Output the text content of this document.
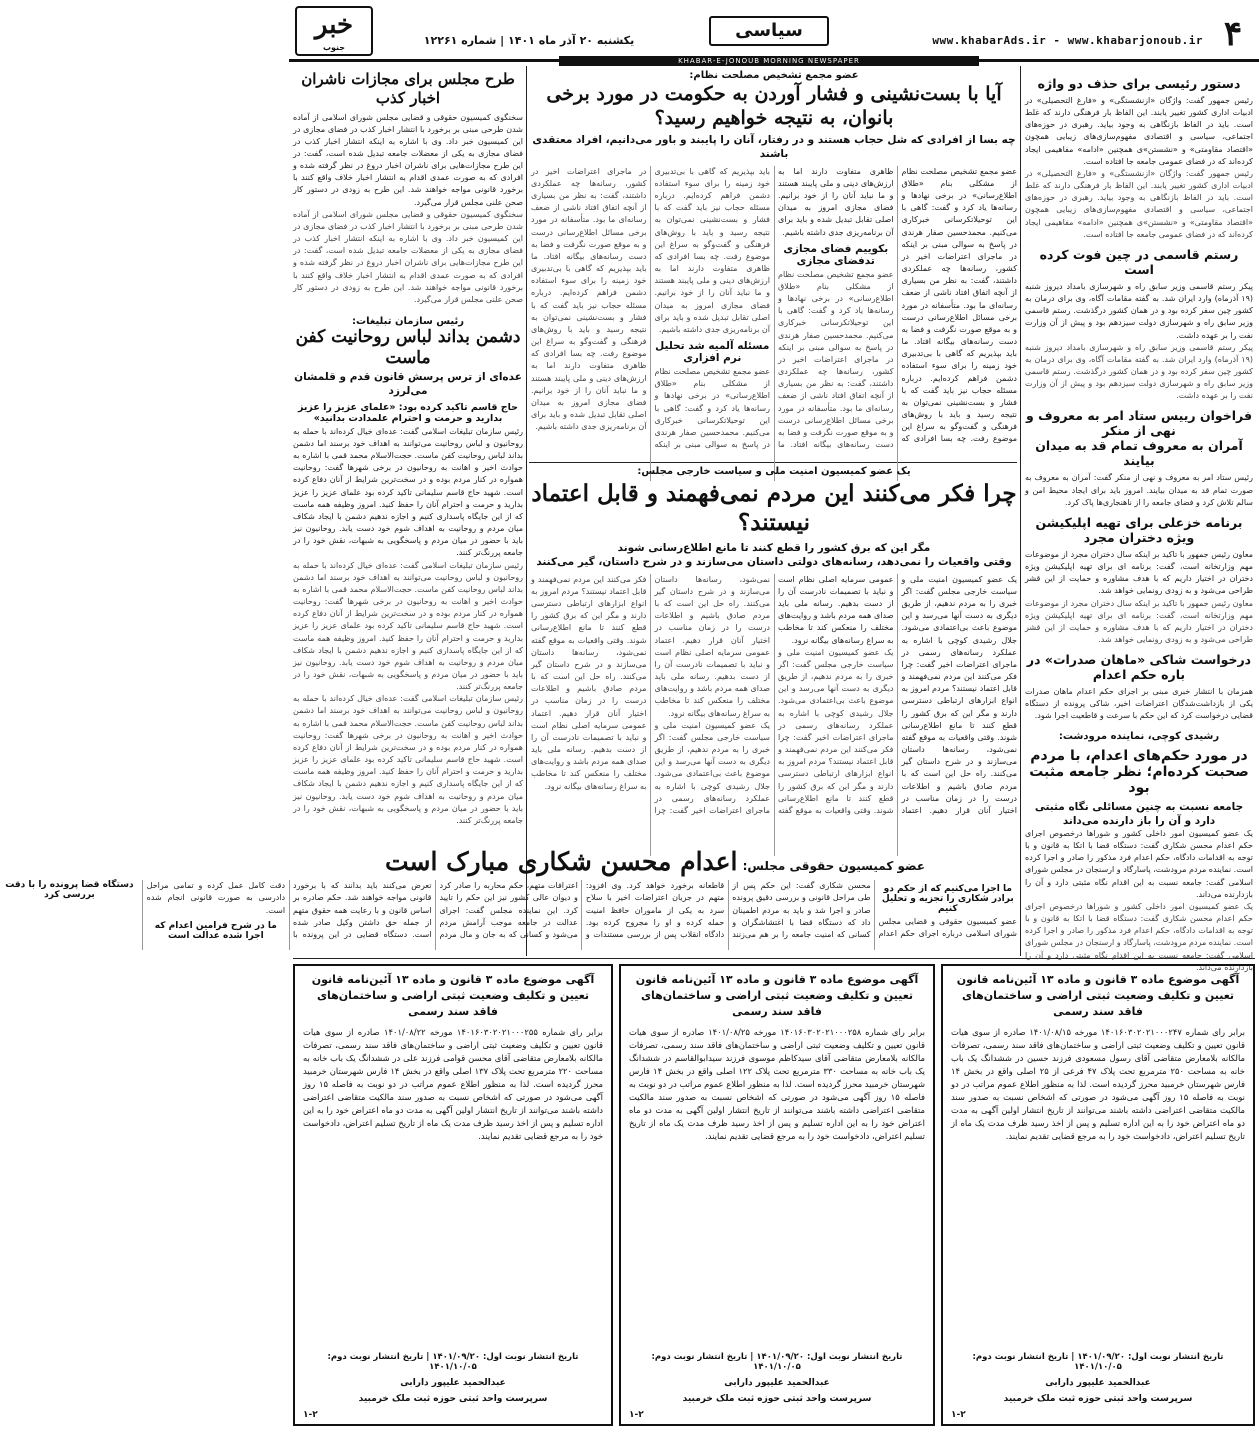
۴
www.khabarAds.ir - www.khabarjonoub.ir
سیاسی
یکشنبه ۲۰ آذر ماه ۱۴۰۱ | شماره ۱۲۲۶۱
خبر
جنوب
KHABAR-E-JONOUB MORNING NEWSPAPER
دستور رئیسی برای حذف دو واژه
رئیس جمهور گفت: واژگان «ازنشستگی» و «فارغ التحصیلی» در ادبیات اداری کشور تغییر یابند. این الفاظ بار فرهنگی دارند که غلط است. باید در الفاظ بازنگاهی به وجود بیاید. رهبری در حوزه‌های اجتماعی، سیاسی و اقتصادی مفهوم‌سازی‌های زیبایی همچون «اقتصاد مقاومتی» و «نشستن»ی همچنین «ادامه» مفاهیمی ایجاد کرده‌اند که در فضای عمومی جامعه جا افتاده است.
رئیس جمهور گفت: واژگان «ازنشستگی» و «فارغ التحصیلی» در ادبیات اداری کشور تغییر یابند. این الفاظ بار فرهنگی دارند که غلط است. باید در الفاظ بازنگاهی به وجود بیاید. رهبری در حوزه‌های اجتماعی، سیاسی و اقتصادی مفهوم‌سازی‌های زیبایی همچون «اقتصاد مقاومتی» و «نشستن»ی همچنین «ادامه» مفاهیمی ایجاد کرده‌اند که در فضای عمومی جامعه جا افتاده است.
رستم قاسمی در چین فوت کرده است
پیکر رستم قاسمی وزیر سابق راه و شهرسازی بامداد دیروز شنبه (۱۹ آذرماه) وارد ایران شد. به گفته مقامات آگاه، وی برای درمان به کشور چین سفر کرده بود و در همان کشور درگذشت. رستم قاسمی وزیر سابق راه و شهرسازی دولت سیزدهم بود و پیش از آن وزارت نفت را بر عهده داشت.
پیکر رستم قاسمی وزیر سابق راه و شهرسازی بامداد دیروز شنبه (۱۹ آذرماه) وارد ایران شد. به گفته مقامات آگاه، وی برای درمان به کشور چین سفر کرده بود و در همان کشور درگذشت. رستم قاسمی وزیر سابق راه و شهرسازی دولت سیزدهم بود و پیش از آن وزارت نفت را بر عهده داشت.
فراخوان رییس ستاد امر به معروف و نهی از منکر
آمران به معروف تمام قد به میدان بیایند
رئیس ستاد امر به معروف و نهی از منکر گفت: آمران به معروف به صورت تمام قد به میدان بیایند. امروز باید برای ایجاد محیط امن و سالم تلاش کرد و فضای جامعه را از ناهنجاری‌ها پاک کرد.
برنامه خزعلی برای تهیه اپلیکیشن ویژه دختران مجرد
معاون رئیس جمهور با تاکید بر اینکه سال دختران مجرد از موضوعات مهم وزارتخانه است، گفت: برنامه ای برای تهیه اپلیکیشن ویژه دختران در اختیار داریم که با هدف مشاوره و حمایت از این قشر طراحی می‌شود و به زودی رونمایی خواهد شد.
معاون رئیس جمهور با تاکید بر اینکه سال دختران مجرد از موضوعات مهم وزارتخانه است، گفت: برنامه ای برای تهیه اپلیکیشن ویژه دختران در اختیار داریم که با هدف مشاوره و حمایت از این قشر طراحی می‌شود و به زودی رونمایی خواهد شد.
درخواست شاکی «ماهان صدرات» در باره حکم اعدام
همزمان با انتشار خبری مبنی بر اجرای حکم اعدام ماهان صدرات یکی از بازداشت‌شدگان اعتراضات اخیر، شاکی پرونده از دستگاه قضایی درخواست کرد که این حکم با سرعت و قاطعیت اجرا شود.
رشیدی کوچی، نماینده مرودشت:
در مورد حکم‌های اعدام، با مردم صحبت کرده‌ام؛ نظر جامعه مثبت بود
جامعه نسبت به چنین مسائلی نگاه مثبتی دارد و آن را باز دارنده می‌داند
یک عضو کمیسیون امور داخلی کشور و شوراها درخصوص اجرای حکم اعدام محسن شکاری گفت: دستگاه قضا با اتکا به قانون و با توجه به اقدامات دادگاه، حکم اعدام فرد مذکور را صادر و اجرا کرده است. نماینده مردم مرودشت، پاسارگاد و ارسنجان در مجلس شورای اسلامی گفت: جامعه نسبت به این اقدام نگاه مثبتی دارد و آن را بازدارنده می‌داند.
یک عضو کمیسیون امور داخلی کشور و شوراها درخصوص اجرای حکم اعدام محسن شکاری گفت: دستگاه قضا با اتکا به قانون و با توجه به اقدامات دادگاه، حکم اعدام فرد مذکور را صادر و اجرا کرده است. نماینده مردم مرودشت، پاسارگاد و ارسنجان در مجلس شورای اسلامی گفت: جامعه نسبت به این اقدام نگاه مثبتی دارد و آن را بازدارنده می‌داند.
عضو مجمع تشخیص مصلحت نظام:
آیا با بست‌نشینی و فشار آوردن به حکومت در مورد برخی بانوان، به نتیجه خواهیم رسید؟
چه بسا از افرادی که شل حجاب هستند و در رفتار، آنان را پایبند و باور می‌دانیم، افراد معتقدی باشند
عضو مجمع تشخیص مصلحت نظام از مشکلی بنام «طلاق اطلاع‌رسانی» در برخی نهادها و رسانه‌ها یاد کرد و گفت: گاهی با این توحیلاتکرسانی خبرکاری می‌کنیم. محمدحسین صفار هرندی در پاسخ به سوالی مبنی بر اینکه در ماجرای اعتراضات اخیر در کشور، رسانه‌ها چه عملکردی داشتند، گفت: به نظر من بسیاری از آنچه اتفاق افتاد ناشی از ضعف رسانه‌ای ما بود. متأسفانه در مورد برخی مسائل اطلاع‌رسانی درست و به موقع صورت نگرفت و فضا به دست رسانه‌های بیگانه افتاد. ما باید بپذیریم که گاهی با بی‌تدبیری خود زمینه را برای سوء استفاده دشمن فراهم کرده‌ایم. درباره مسئله حجاب نیز باید گفت که با فشار و بست‌نشینی نمی‌توان به نتیجه رسید و باید با روش‌های فرهنگی و گفت‌وگو به سراغ این موضوع رفت. چه بسا افرادی که ظاهری متفاوت دارند اما به ارزش‌های دینی و ملی پایبند هستند و ما نباید آنان را از خود برانیم. فضای مجازی امروز به میدان اصلی تقابل تبدیل شده و باید برای آن برنامه‌ریزی جدی داشته باشیم.
بکوییم فضای مجازی تدفضای مجازی
عضو مجمع تشخیص مصلحت نظام از مشکلی بنام «طلاق اطلاع‌رسانی» در برخی نهادها و رسانه‌ها یاد کرد و گفت: گاهی با این توحیلاتکرسانی خبرکاری می‌کنیم. محمدحسین صفار هرندی در پاسخ به سوالی مبنی بر اینکه در ماجرای اعتراضات اخیر در کشور، رسانه‌ها چه عملکردی داشتند، گفت: به نظر من بسیاری از آنچه اتفاق افتاد ناشی از ضعف رسانه‌ای ما بود. متأسفانه در مورد برخی مسائل اطلاع‌رسانی درست و به موقع صورت نگرفت و فضا به دست رسانه‌های بیگانه افتاد. ما باید بپذیریم که گاهی با بی‌تدبیری خود زمینه را برای سوء استفاده دشمن فراهم کرده‌ایم. درباره مسئله حجاب نیز باید گفت که با فشار و بست‌نشینی نمی‌توان به نتیجه رسید و باید با روش‌های فرهنگی و گفت‌وگو به سراغ این موضوع رفت. چه بسا افرادی که ظاهری متفاوت دارند اما به ارزش‌های دینی و ملی پایبند هستند و ما نباید آنان را از خود برانیم. فضای مجازی امروز به میدان اصلی تقابل تبدیل شده و باید برای آن برنامه‌ریزی جدی داشته باشیم.
مسئله آلمیه شد تحلیل نرم افزاری
عضو مجمع تشخیص مصلحت نظام از مشکلی بنام «طلاق اطلاع‌رسانی» در برخی نهادها و رسانه‌ها یاد کرد و گفت: گاهی با این توحیلاتکرسانی خبرکاری می‌کنیم. محمدحسین صفار هرندی در پاسخ به سوالی مبنی بر اینکه در ماجرای اعتراضات اخیر در کشور، رسانه‌ها چه عملکردی داشتند، گفت: به نظر من بسیاری از آنچه اتفاق افتاد ناشی از ضعف رسانه‌ای ما بود. متأسفانه در مورد برخی مسائل اطلاع‌رسانی درست و به موقع صورت نگرفت و فضا به دست رسانه‌های بیگانه افتاد. ما باید بپذیریم که گاهی با بی‌تدبیری خود زمینه را برای سوء استفاده دشمن فراهم کرده‌ایم. درباره مسئله حجاب نیز باید گفت که با فشار و بست‌نشینی نمی‌توان به نتیجه رسید و باید با روش‌های فرهنگی و گفت‌وگو به سراغ این موضوع رفت. چه بسا افرادی که ظاهری متفاوت دارند اما به ارزش‌های دینی و ملی پایبند هستند و ما نباید آنان را از خود برانیم. فضای مجازی امروز به میدان اصلی تقابل تبدیل شده و باید برای آن برنامه‌ریزی جدی داشته باشیم.
یک عضو کمیسیون امنیت ملی و سیاست خارجی مجلس:
چرا فکر می‌کنند این مردم نمی‌فهمند و قابل اعتماد نیستند؟
مگر این که برق کشور را قطع کنند تا مانع اطلاع‌رسانی شوند
وقتی واقعیات را نمی‌دهد، رسانه‌های دولتی داستان می‌سازند و در شرح داستان، گیر می‌کنند
یک عضو کمیسیون امنیت ملی و سیاست خارجی مجلس گفت: اگر خبری را به مردم ندهیم، از طریق دیگری به دست آنها می‌رسد و این موضوع باعث بی‌اعتمادی می‌شود. جلال رشیدی کوچی با اشاره به عملکرد رسانه‌های رسمی در ماجرای اعتراضات اخیر گفت: چرا فکر می‌کنند این مردم نمی‌فهمند و قابل اعتماد نیستند؟ مردم امروز به انواع ابزارهای ارتباطی دسترسی دارند و مگر این که برق کشور را قطع کنند تا مانع اطلاع‌رسانی شوند. وقتی واقعیات به موقع گفته نمی‌شود، رسانه‌ها داستان می‌سازند و در شرح داستان گیر می‌کنند. راه حل این است که با مردم صادق باشیم و اطلاعات درست را در زمان مناسب در اختیار آنان قرار دهیم. اعتماد عمومی سرمایه اصلی نظام است و نباید با تصمیمات نادرست آن را از دست بدهیم. رسانه ملی باید صدای همه مردم باشد و روایت‌های مختلف را منعکس کند تا مخاطب به سراغ رسانه‌های بیگانه نرود.
یک عضو کمیسیون امنیت ملی و سیاست خارجی مجلس گفت: اگر خبری را به مردم ندهیم، از طریق دیگری به دست آنها می‌رسد و این موضوع باعث بی‌اعتمادی می‌شود. جلال رشیدی کوچی با اشاره به عملکرد رسانه‌های رسمی در ماجرای اعتراضات اخیر گفت: چرا فکر می‌کنند این مردم نمی‌فهمند و قابل اعتماد نیستند؟ مردم امروز به انواع ابزارهای ارتباطی دسترسی دارند و مگر این که برق کشور را قطع کنند تا مانع اطلاع‌رسانی شوند. وقتی واقعیات به موقع گفته نمی‌شود، رسانه‌ها داستان می‌سازند و در شرح داستان گیر می‌کنند. راه حل این است که با مردم صادق باشیم و اطلاعات درست را در زمان مناسب در اختیار آنان قرار دهیم. اعتماد عمومی سرمایه اصلی نظام است و نباید با تصمیمات نادرست آن را از دست بدهیم. رسانه ملی باید صدای همه مردم باشد و روایت‌های مختلف را منعکس کند تا مخاطب به سراغ رسانه‌های بیگانه نرود.
یک عضو کمیسیون امنیت ملی و سیاست خارجی مجلس گفت: اگر خبری را به مردم ندهیم، از طریق دیگری به دست آنها می‌رسد و این موضوع باعث بی‌اعتمادی می‌شود. جلال رشیدی کوچی با اشاره به عملکرد رسانه‌های رسمی در ماجرای اعتراضات اخیر گفت: چرا فکر می‌کنند این مردم نمی‌فهمند و قابل اعتماد نیستند؟ مردم امروز به انواع ابزارهای ارتباطی دسترسی دارند و مگر این که برق کشور را قطع کنند تا مانع اطلاع‌رسانی شوند. وقتی واقعیات به موقع گفته نمی‌شود، رسانه‌ها داستان می‌سازند و در شرح داستان گیر می‌کنند. راه حل این است که با مردم صادق باشیم و اطلاعات درست را در زمان مناسب در اختیار آنان قرار دهیم. اعتماد عمومی سرمایه اصلی نظام است و نباید با تصمیمات نادرست آن را از دست بدهیم. رسانه ملی باید صدای همه مردم باشد و روایت‌های مختلف را منعکس کند تا مخاطب به سراغ رسانه‌های بیگانه نرود.
طرح مجلس برای مجازات ناشران اخبار کذب
سخنگوی کمیسیون حقوقی و قضایی مجلس شورای اسلامی از آماده شدن طرحی مبنی بر برخورد با انتشار اخبار کذب در فضای مجازی در این کمیسیون خبر داد. وی با اشاره به اینکه انتشار اخبار کذب در فضای مجازی به یکی از معضلات جامعه تبدیل شده است، گفت: در این طرح مجازات‌هایی برای ناشران اخبار دروغ در نظر گرفته شده و افرادی که به صورت عمدی اقدام به انتشار اخبار خلاف واقع کنند با برخورد قانونی مواجه خواهند شد. این طرح به زودی در دستور کار صحن علنی مجلس قرار می‌گیرد.
سخنگوی کمیسیون حقوقی و قضایی مجلس شورای اسلامی از آماده شدن طرحی مبنی بر برخورد با انتشار اخبار کذب در فضای مجازی در این کمیسیون خبر داد. وی با اشاره به اینکه انتشار اخبار کذب در فضای مجازی به یکی از معضلات جامعه تبدیل شده است، گفت: در این طرح مجازات‌هایی برای ناشران اخبار دروغ در نظر گرفته شده و افرادی که به صورت عمدی اقدام به انتشار اخبار خلاف واقع کنند با برخورد قانونی مواجه خواهند شد. این طرح به زودی در دستور کار صحن علنی مجلس قرار می‌گیرد.
رئیس سازمان تبلیغات:
دشمن بداند لباس روحانیت کفن ماست
عده‌ای از ترس پرسش قانون قدم و قلمشان می‌لرزد
حاج قاسم تاکید کرده بود: «علمای عزیز را عزیز بدارید و حرمت و احترام علمدادت بدانید»
رئیس سازمان تبلیغات اسلامی گفت: عده‌ای خیال کرده‌اند با حمله به روحانیون و لباس روحانیت می‌توانند به اهداف خود برسند اما دشمن بداند لباس روحانیت کفن ماست. حجت‌الاسلام محمد قمی با اشاره به حوادث اخیر و اهانت به روحانیون در برخی شهرها گفت: روحانیت همواره در کنار مردم بوده و در سخت‌ترین شرایط از آنان دفاع کرده است. شهید حاج قاسم سلیمانی تاکید کرده بود علمای عزیز را عزیز بدارید و حرمت و احترام آنان را حفظ کنید. امروز وظیفه همه ماست که از این جایگاه پاسداری کنیم و اجازه ندهیم دشمن با ایجاد شکاف میان مردم و روحانیت به اهداف شوم خود دست یابد. روحانیون نیز باید با حضور در میان مردم و پاسخگویی به شبهات، نقش خود را در جامعه پررنگ‌تر کنند.
رئیس سازمان تبلیغات اسلامی گفت: عده‌ای خیال کرده‌اند با حمله به روحانیون و لباس روحانیت می‌توانند به اهداف خود برسند اما دشمن بداند لباس روحانیت کفن ماست. حجت‌الاسلام محمد قمی با اشاره به حوادث اخیر و اهانت به روحانیون در برخی شهرها گفت: روحانیت همواره در کنار مردم بوده و در سخت‌ترین شرایط از آنان دفاع کرده است. شهید حاج قاسم سلیمانی تاکید کرده بود علمای عزیز را عزیز بدارید و حرمت و احترام آنان را حفظ کنید. امروز وظیفه همه ماست که از این جایگاه پاسداری کنیم و اجازه ندهیم دشمن با ایجاد شکاف میان مردم و روحانیت به اهداف شوم خود دست یابد. روحانیون نیز باید با حضور در میان مردم و پاسخگویی به شبهات، نقش خود را در جامعه پررنگ‌تر کنند.
رئیس سازمان تبلیغات اسلامی گفت: عده‌ای خیال کرده‌اند با حمله به روحانیون و لباس روحانیت می‌توانند به اهداف خود برسند اما دشمن بداند لباس روحانیت کفن ماست. حجت‌الاسلام محمد قمی با اشاره به حوادث اخیر و اهانت به روحانیون در برخی شهرها گفت: روحانیت همواره در کنار مردم بوده و در سخت‌ترین شرایط از آنان دفاع کرده است. شهید حاج قاسم سلیمانی تاکید کرده بود علمای عزیز را عزیز بدارید و حرمت و احترام آنان را حفظ کنید. امروز وظیفه همه ماست که از این جایگاه پاسداری کنیم و اجازه ندهیم دشمن با ایجاد شکاف میان مردم و روحانیت به اهداف شوم خود دست یابد. روحانیون نیز باید با حضور در میان مردم و پاسخگویی به شبهات، نقش خود را در جامعه پررنگ‌تر کنند.
عضو کمیسیون حقوقی مجلس: اعدام محسن شکاری مبارک است
ما اجرا می‌کنیم که از حکم دو برادر شکاری را تجزیه و تحلیل کنیم
عضو کمیسیون حقوقی و قضایی مجلس شورای اسلامی درباره اجرای حکم اعدام محسن شکاری گفت: این حکم پس از طی مراحل قانونی و بررسی دقیق پرونده صادر و اجرا شد و باید به مردم اطمینان داد که دستگاه قضا با اغتشاشگران و کسانی که امنیت جامعه را بر هم می‌زنند قاطعانه برخورد خواهد کرد. وی افزود: متهم در جریان اعتراضات اخیر با سلاح سرد به یکی از ماموران حافظ امنیت حمله کرده و او را مجروح کرده بود. دادگاه انقلاب پس از بررسی مستندات و اعترافات متهم، حکم محاربه را صادر کرد و دیوان عالی کشور نیز این حکم را تایید کرد. این نماینده مجلس گفت: اجرای عدالت در جامعه موجب آرامش مردم می‌شود و کسانی که به جان و مال مردم تعرض می‌کنند باید بدانند که با برخورد قانونی مواجه خواهند شد. حکم صادره بر اساس قانون و با رعایت همه حقوق متهم از جمله حق داشتن وکیل صادر شده است. دستگاه قضایی در این پرونده با دقت کامل عمل کرده و تمامی مراحل دادرسی به صورت قانونی انجام شده است.
ما در شرح فرامین اعدام که اجرا شده عدالت است
دستگاه قضا پرونده را با دقت بررسی کرد
آگهی موضوع ماده ۳ قانون و ماده ۱۳ آئین‌نامه قانون تعیین و تکلیف وضعیت ثبتی اراضی و ساختمان‌های فاقد سند رسمی
برابر رای شماره ۱۴۰۱۶۰۳۰۲۰۲۱۰۰۰۲۴۷ مورخه ۱۴۰۱/۰۸/۱۵ صادره از سوی هیات قانون تعیین و تکلیف وضعیت ثبتی اراضی و ساختمان‌های فاقد سند رسمی، تصرفات مالکانه بلامعارض متقاضی آقای رسول مسعودی فرزند حسین در ششدانگ یک باب خانه به مساحت ۲۵۰ مترمربع تحت پلاک ۴۷ فرعی از ۲۵ اصلی واقع در بخش ۱۴ فارس شهرستان خرمبید محرز گردیده است. لذا به منظور اطلاع عموم مراتب در دو نوبت به فاصله ۱۵ روز آگهی می‌شود در صورتی که اشخاص نسبت به صدور سند مالکیت متقاضی اعتراضی داشته باشند می‌توانند از تاریخ انتشار اولین آگهی به مدت دو ماه اعتراض خود را به این اداره تسلیم و پس از اخذ رسید ظرف مدت یک ماه از تاریخ تسلیم اعتراض، دادخواست خود را به مرجع قضایی تقدیم نمایند.
تاریخ انتشار نوبت اول: ۱۴۰۱/۰۹/۲۰ | تاریخ انتشار نوبت دوم: ۱۴۰۱/۱۰/۰۵
عبدالحمید علیپور دارابی
سرپرست واحد ثبتی حوزه ثبت ملک خرمبید
۱-۲
آگهی موضوع ماده ۳ قانون و ماده ۱۳ آئین‌نامه قانون تعیین و تکلیف وضعیت ثبتی اراضی و ساختمان‌های فاقد سند رسمی
برابر رای شماره ۱۴۰۱۶۰۳۰۲۰۲۱۰۰۰۲۵۸ مورخه ۱۴۰۱/۰۸/۲۵ صادره از سوی هیات قانون تعیین و تکلیف وضعیت ثبتی اراضی و ساختمان‌های فاقد سند رسمی، تصرفات مالکانه بلامعارض متقاضی آقای سیدکاظم موسوی فرزند سیدابوالقاسم در ششدانگ یک باب خانه به مساحت ۳۳۰ مترمربع تحت پلاک ۱۲۲ اصلی واقع در بخش ۱۴ فارس شهرستان خرمبید محرز گردیده است. لذا به منظور اطلاع عموم مراتب در دو نوبت به فاصله ۱۵ روز آگهی می‌شود در صورتی که اشخاص نسبت به صدور سند مالکیت متقاضی اعتراضی داشته باشند می‌توانند از تاریخ انتشار اولین آگهی به مدت دو ماه اعتراض خود را به این اداره تسلیم و پس از اخذ رسید ظرف مدت یک ماه از تاریخ تسلیم اعتراض، دادخواست خود را به مرجع قضایی تقدیم نمایند.
تاریخ انتشار نوبت اول: ۱۴۰۱/۰۹/۲۰ | تاریخ انتشار نوبت دوم: ۱۴۰۱/۱۰/۰۵
عبدالحمید علیپور دارابی
سرپرست واحد ثبتی حوزه ثبت ملک خرمبید
۱-۲
آگهی موضوع ماده ۳ قانون و ماده ۱۳ آئین‌نامه قانون تعیین و تکلیف وضعیت ثبتی اراضی و ساختمان‌های فاقد سند رسمی
برابر رای شماره ۱۴۰۱۶۰۳۰۲۰۲۱۰۰۰۲۵۵ مورخه ۱۴۰۱/۰۸/۲۲ صادره از سوی هیات قانون تعیین و تکلیف وضعیت ثبتی اراضی و ساختمان‌های فاقد سند رسمی، تصرفات مالکانه بلامعارض متقاضی آقای محسن قوامی فرزند علی در ششدانگ یک باب خانه به مساحت ۲۲۰ مترمربع تحت پلاک ۱۳۷ اصلی واقع در بخش ۱۴ فارس شهرستان خرمبید محرز گردیده است. لذا به منظور اطلاع عموم مراتب در دو نوبت به فاصله ۱۵ روز آگهی می‌شود در صورتی که اشخاص نسبت به صدور سند مالکیت متقاضی اعتراضی داشته باشند می‌توانند از تاریخ انتشار اولین آگهی به مدت دو ماه اعتراض خود را به این اداره تسلیم و پس از اخذ رسید ظرف مدت یک ماه از تاریخ تسلیم اعتراض، دادخواست خود را به مرجع قضایی تقدیم نمایند.
تاریخ انتشار نوبت اول: ۱۴۰۱/۰۹/۲۰ | تاریخ انتشار نوبت دوم: ۱۴۰۱/۱۰/۰۵
عبدالحمید علیپور دارابی
سرپرست واحد ثبتی حوزه ثبت ملک خرمبید
۱-۲
